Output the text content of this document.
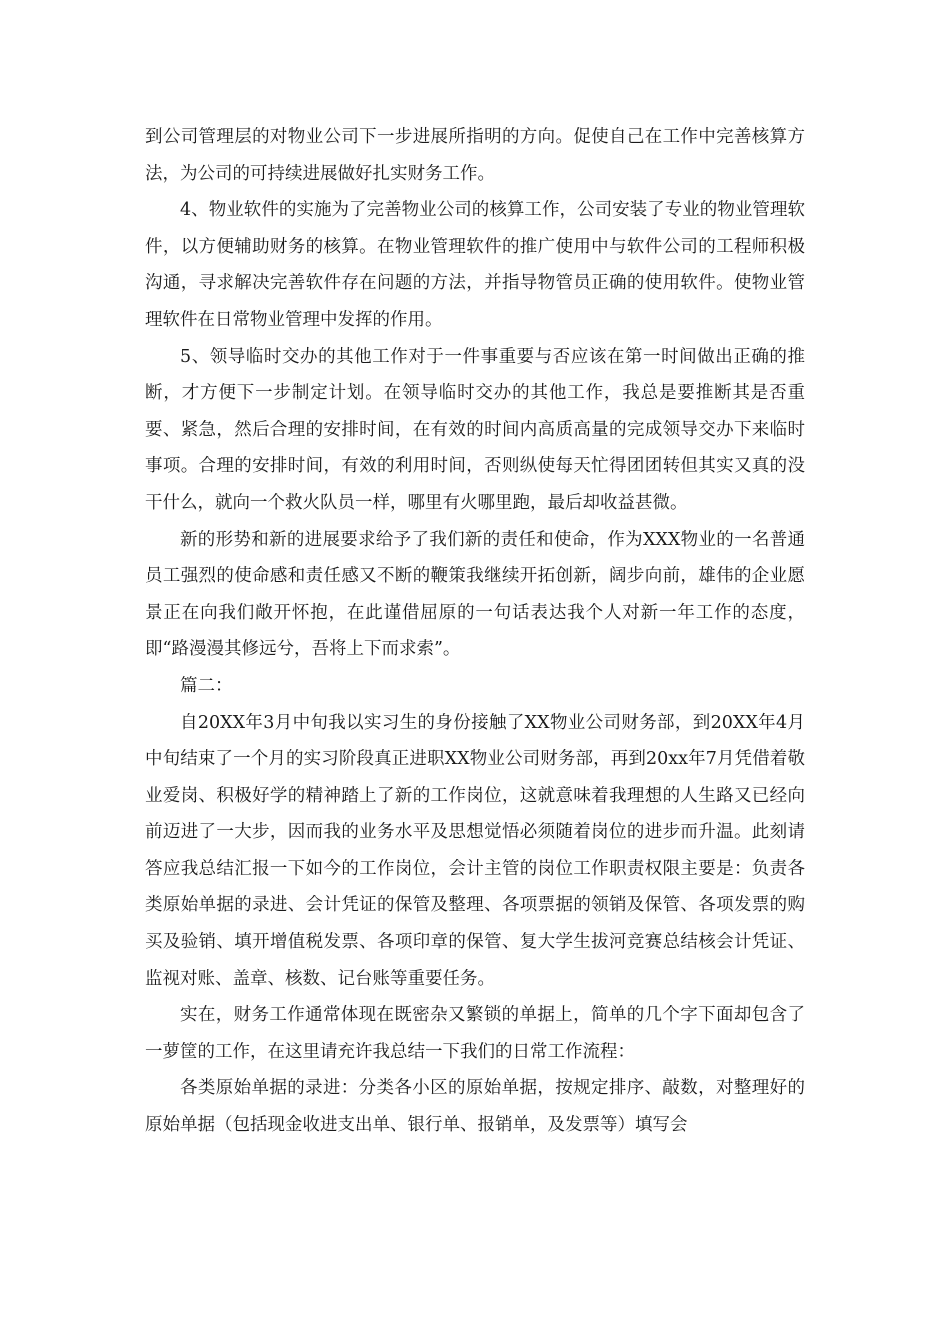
到公司管理层的对物业公司下一步进展所指明的方向。促使自己在工作中完善核算方法，为公司的可持续进展做好扎实财务工作。

4、物业软件的实施为了完善物业公司的核算工作，公司安装了专业的物业管理软件，以方便辅助财务的核算。在物业管理软件的推广使用中与软件公司的工程师积极沟通，寻求解决完善软件存在问题的方法，并指导物管员正确的使用软件。使物业管理软件在日常物业管理中发挥的作用。

5、领导临时交办的其他工作对于一件事重要与否应该在第一时间做出正确的推断，才方便下一步制定计划。在领导临时交办的其他工作，我总是要推断其是否重要、紧急，然后合理的安排时间，在有效的时间内高质高量的完成领导交办下来临时事项。合理的安排时间，有效的利用时间，否则纵使每天忙得团团转但其实又真的没干什么，就向一个救火队员一样，哪里有火哪里跑，最后却收益甚微。

新的形势和新的进展要求给予了我们新的责任和使命，作为XXX物业的一名普通员工强烈的使命感和责任感又不断的鞭策我继续开拓创新，阔步向前，雄伟的企业愿景正在向我们敞开怀抱，在此谨借屈原的一句话表达我个人对新一年工作的态度，即“路漫漫其修远兮，吾将上下而求索”。

篇二：

自20XX年3月中旬我以实习生的身份接触了XX物业公司财务部，到20XX年4月中旬结束了一个月的实习阶段真正进职XX物业公司财务部，再到20xx年7月凭借着敬业爱岗、积极好学的精神踏上了新的工作岗位，这就意味着我理想的人生路又已经向前迈进了一大步，因而我的业务水平及思想觉悟必须随着岗位的进步而升温。此刻请答应我总结汇报一下如今的工作岗位，会计主管的岗位工作职责权限主要是：负责各类原始单据的录进、会计凭证的保管及整理、各项票据的领销及保管、各项发票的购买及验销、填开增值税发票、各项印章的保管、复大学生拔河竞赛总结核会计凭证、监视对账、盖章、核数、记台账等重要任务。

实在，财务工作通常体现在既密杂又繁锁的单据上，简单的几个字下面却包含了一萝筐的工作，在这里请充许我总结一下我们的日常工作流程：

各类原始单据的录进：分类各小区的原始单据，按规定排序、敲数，对整理好的原始单据（包括现金收进支出单、银行单、报销单，及发票等）填写会
